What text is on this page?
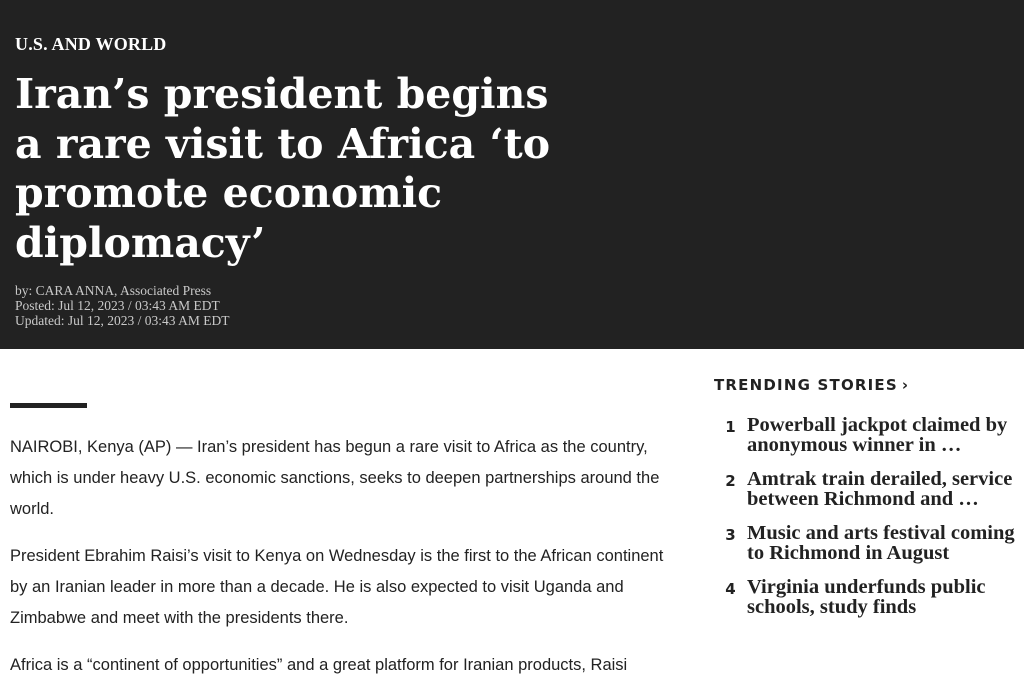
U.S. AND WORLD
Iran’s president begins a rare visit to Africa ‘to promote economic diplomacy’
by: CARA ANNA, Associated Press
Posted: Jul 12, 2023 / 03:43 AM EDT
Updated: Jul 12, 2023 / 03:43 AM EDT

NAIROBI, Kenya (AP) — Iran’s president has begun a rare visit to Africa as the country, which is under heavy U.S. economic sanctions, seeks to deepen partnerships around the world.

President Ebrahim Raisi’s visit to Kenya on Wednesday is the first to the African continent by an Iranian leader in more than a decade. He is also expected to visit Uganda and Zimbabwe and meet with the presidents there.

Africa is a “continent of opportunities” and a great platform for Iranian products, Raisi

TRENDING STORIES ›
1 Powerball jackpot claimed by anonymous winner in …
2 Amtrak train derailed, service between Richmond and …
3 Music and arts festival coming to Richmond in August
4 Virginia underfunds public schools, study finds
